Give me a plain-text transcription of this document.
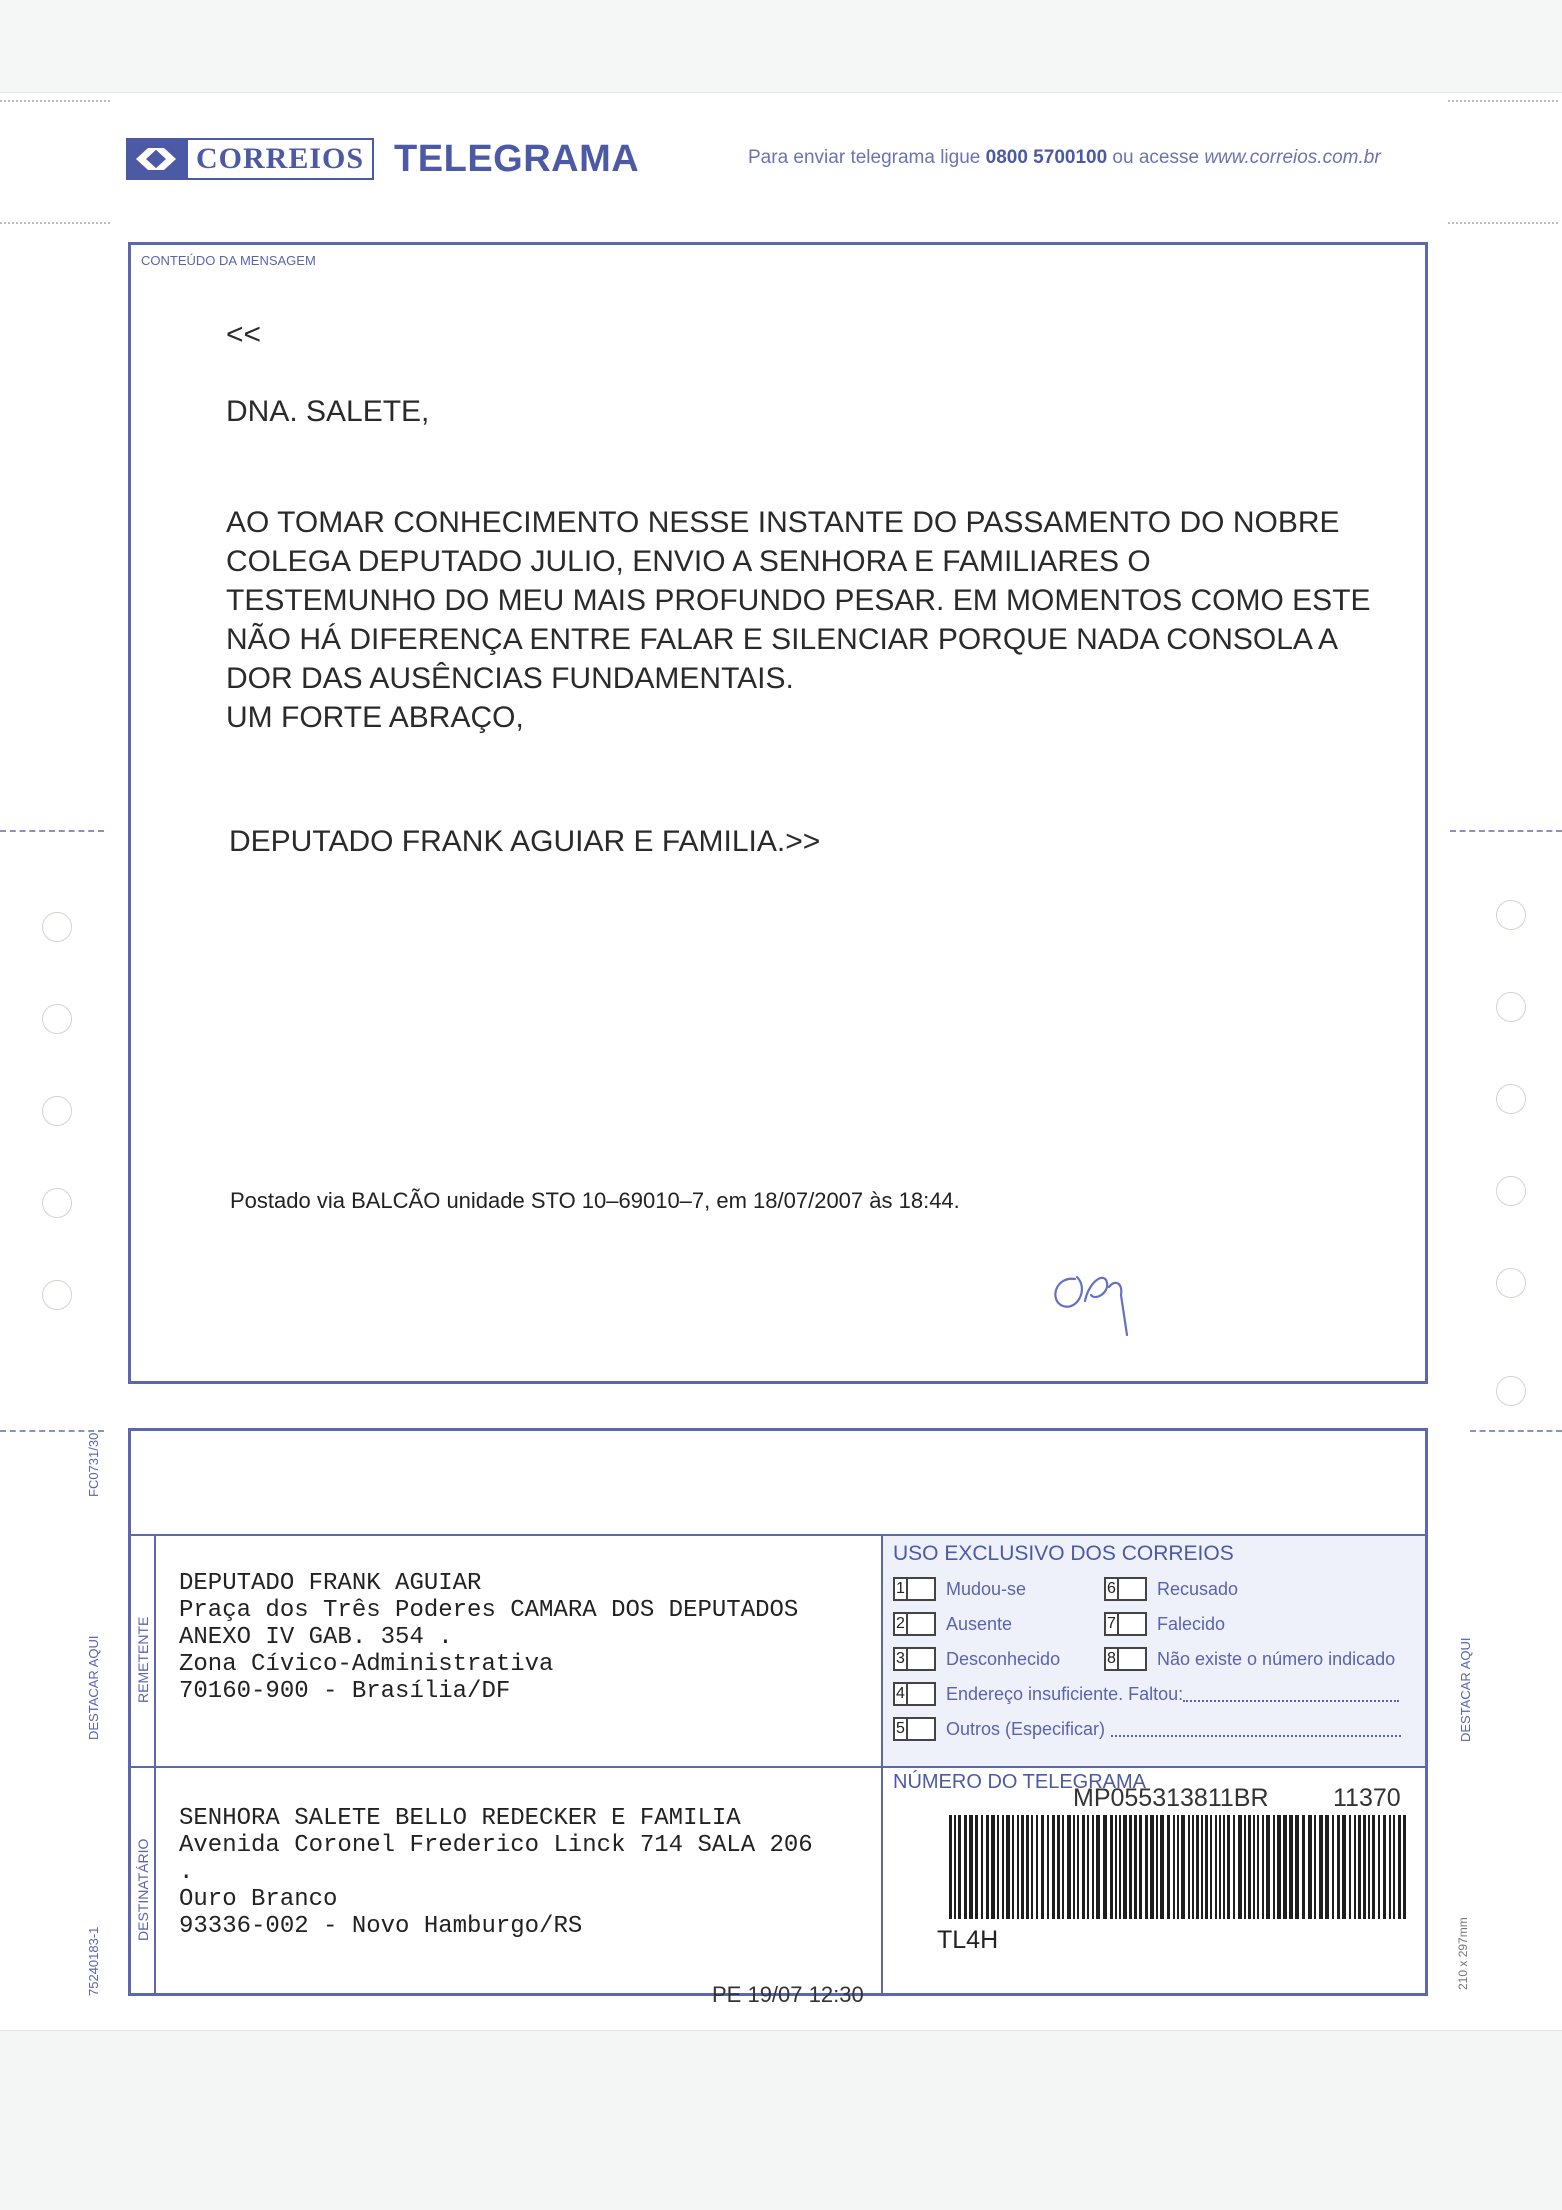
CORREIOS TELEGRAMA	Para enviar telegrama ligue 0800 5700100 ou acesse www.correios.com.br
CONTEÚDO DA MENSAGEM
<<
DNA. SALETE,
AO TOMAR CONHECIMENTO NESSE INSTANTE DO PASSAMENTO DO NOBRE
COLEGA DEPUTADO JULIO, ENVIO A SENHORA E FAMILIARES O
TESTEMUNHO DO MEU MAIS PROFUNDO PESAR. EM MOMENTOS COMO ESTE
NÃO HÁ DIFERENÇA ENTRE FALAR E SILENCIAR PORQUE NADA CONSOLA A
DOR DAS AUSÊNCIAS FUNDAMENTAIS.
UM FORTE ABRAÇO,
DEPUTADO FRANK AGUIAR E FAMILIA.>>
Postado via BALCÃO unidade STO 10–69010–7, em 18/07/2007 às 18:44.
FC0731/30
DESTACAR AQUI
75240183-1
DESTACAR AQUI
210 x 297mm
REMETENTE
DESTINATÁRIO
DEPUTADO FRANK AGUIAR
Praça dos Três Poderes CAMARA DOS DEPUTADOS
ANEXO IV GAB. 354 .
Zona Cívico-Administrativa
70160-900 - Brasília/DF
SENHORA SALETE BELLO REDECKER E FAMILIA
Avenida Coronel Frederico Linck 714 SALA 206
.
Ouro Branco
93336-002 - Novo Hamburgo/RS
USO EXCLUSIVO DOS CORREIOS
1 Mudou-se
2 Ausente
3 Desconhecido
4 Endereço insuficiente. Faltou:
5 Outros (Especificar)
6 Recusado
7 Falecido
8 Não existe o número indicado
NÚMERO DO TELEGRAMA
MP055313811BR	11370
TL4H
PE 19/07 12:30
